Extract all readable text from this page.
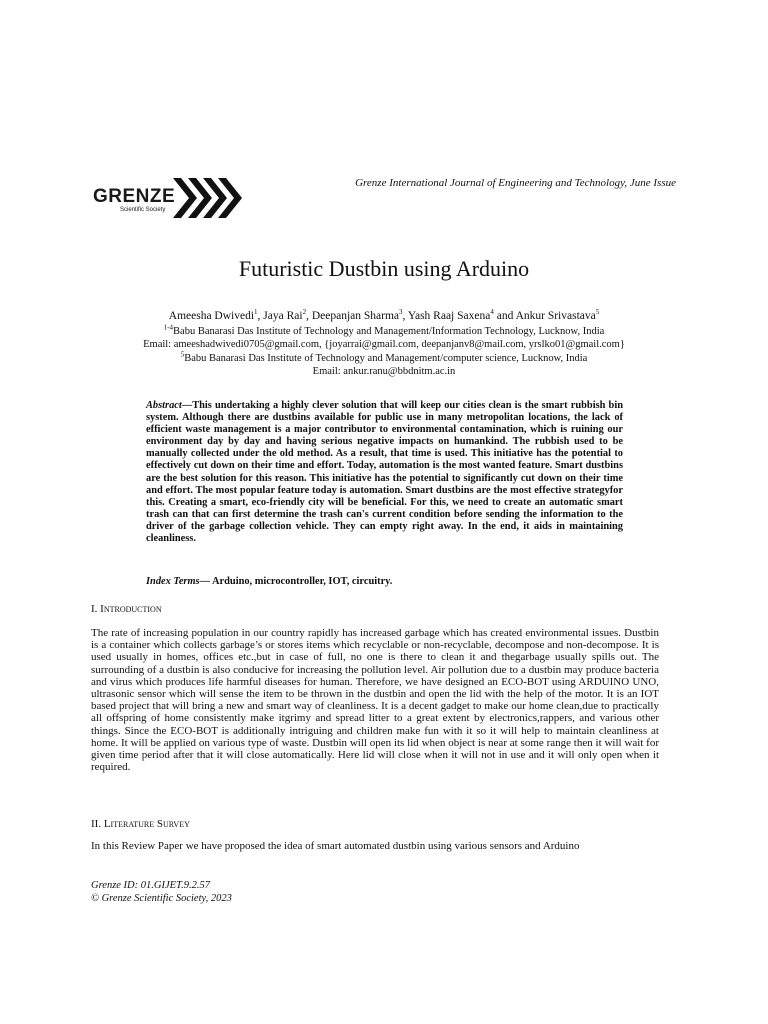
GRENZE
Scientific Society
Grenze International Journal of Engineering and Technology, June Issue
Futuristic Dustbin using Arduino
Ameesha Dwivedi$^1$, Jaya Rai$^2$, Deepanjan Sharma$^3$, Yash Raaj Saxena$^4$ and Ankur Srivastava$^5$
$^{1-4}$Babu Banarasi Das Institute of Technology and Management/Information Technology, Lucknow, India
Email: ameeshadwivedi0705@gmail.com, {joyarrai@gmail.com, deepanjanv8@mail.com, yrslko01@gmail.com}
$^5$Babu Banarasi Das Institute of Technology and Management/computer science, Lucknow, India
Email: ankur.ranu@bbdnitm.ac.in
Abstract—This undertaking a highly clever solution that will keep our cities clean is the smart rubbish bin system. Although there are dustbins available for public use in many metropolitan locations, the lack of efficient waste management is a major contributor to environmental contamination, which is ruining our environment day by day and having serious negative impacts on humankind. The rubbish used to be manually collected under the old method. As a result, that time is used. This initiative has the potential to effectively cut down on their time and effort. Today, automation is the most wanted feature. Smart dustbins are the best solution for this reason. This initiative has the potential to significantly cut down on their time and effort. The most popular feature today is automation. Smart dustbins are the most effective strategyfor this. Creating a smart, eco-friendly city will be beneficial. For this, we need to create an automatic smart trash can that can first determine the trash can's current condition before sending the information to the driver of the garbage collection vehicle. They can empty right away. In the end, it aids in maintaining cleanliness.
Index Terms— Arduino, microcontroller, IOT, circuitry.
I. Introduction
The rate of increasing population in our country rapidly has increased garbage which has created environmental issues. Dustbin is a container which collects garbage’s or stores items which recyclable or non-recyclable, decompose and non-decompose. It is used usually in homes, offices etc.,but in case of full, no one is there to clean it and thegarbage usually spills out. The surrounding of a dustbin is also conducive for increasing the pollution level. Air pollution due to a dustbin may produce bacteria and virus which produces life harmful diseases for human. Therefore, we have designed an ECO-BOT using ARDUINO UNO, ultrasonic sensor which will sense the item to be thrown in the dustbin and open the lid with the help of the motor. It is an IOT based project that will bring a new and smart way of cleanliness. It is a decent gadget to make our home clean,due to practically all offspring of home consistently make itgrimy and spread litter to a great extent by electronics,rappers, and various other things. Since the ECO-BOT is additionally intriguing and children make fun with it so it will help to maintain cleanliness at home. It will be applied on various type of waste. Dustbin will open its lid when object is near at some range then it will wait for given time period after that it will close automatically. Here lid will close when it will not in use and it will only open when it required.
II. Literature Survey
In this Review Paper we have proposed the idea of smart automated dustbin using various sensors and Arduino
Grenze ID: 01.GIJET.9.2.57
© Grenze Scientific Society, 2023
